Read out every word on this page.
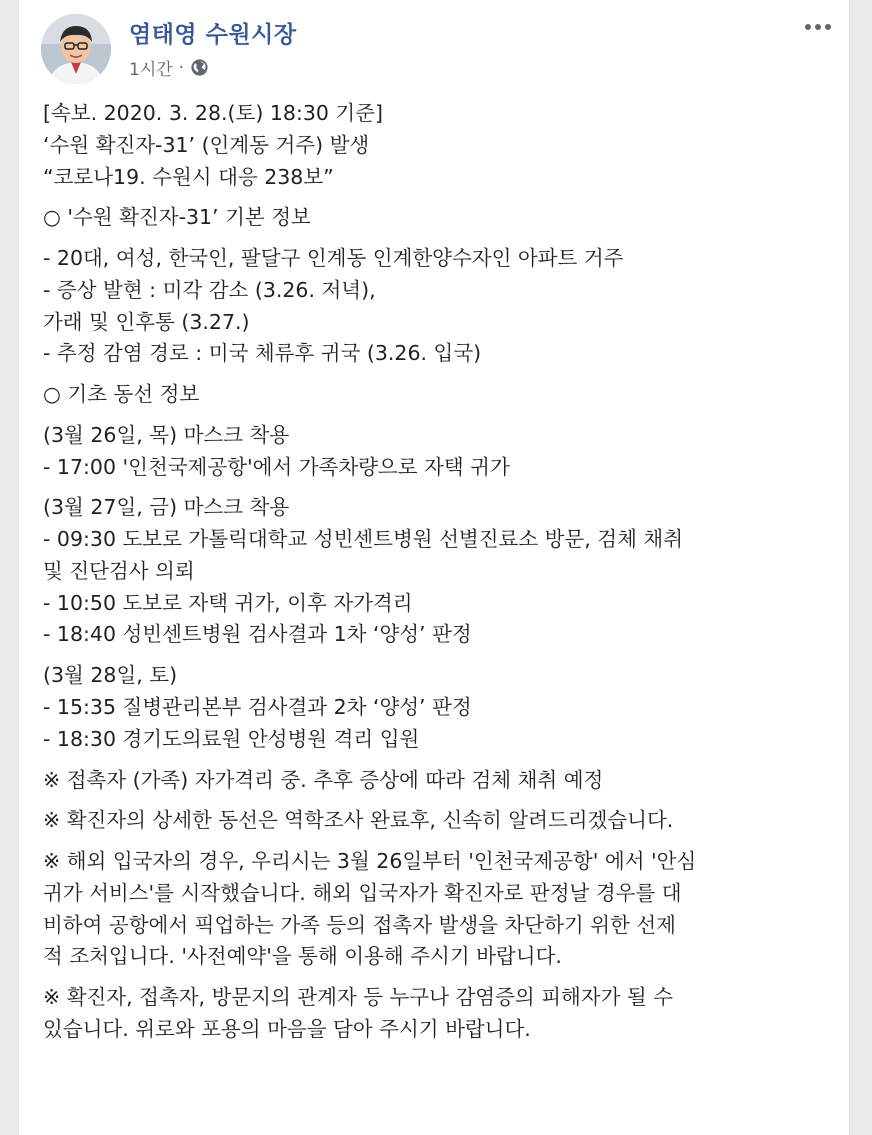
염태영 수원시장
1시간 ·
[속보. 2020. 3. 28.(토) 18:30 기준]
‘수원 확진자-31’ (인계동 거주) 발생
“코로나19. 수원시 대응 238보”
○ '수원 확진자-31’ 기본 정보
- 20대, 여성, 한국인, 팔달구 인계동 인계한양수자인 아파트 거주
- 증상 발현 : 미각 감소 (3.26. 저녁),
가래 및 인후통 (3.27.)
- 추정 감염 경로 : 미국 체류후 귀국 (3.26. 입국)
○ 기초 동선 정보
(3월 26일, 목) 마스크 착용
- 17:00 '인천국제공항'에서 가족차량으로 자택 귀가
(3월 27일, 금) 마스크 착용
- 09:30 도보로 가톨릭대학교 성빈센트병원 선별진료소 방문, 검체 채취
및 진단검사 의뢰
- 10:50 도보로 자택 귀가, 이후 자가격리
- 18:40 성빈센트병원 검사결과 1차 ‘양성’ 판정
(3월 28일, 토)
- 15:35 질병관리본부 검사결과 2차 ‘양성’ 판정
- 18:30 경기도의료원 안성병원 격리 입원
※ 접촉자 (가족) 자가격리 중. 추후 증상에 따라 검체 채취 예정
※ 확진자의 상세한 동선은 역학조사 완료후, 신속히 알려드리겠습니다.
※ 해외 입국자의 경우, 우리시는 3월 26일부터 '인천국제공항' 에서 '안심
귀가 서비스'를 시작했습니다. 해외 입국자가 확진자로 판정날 경우를 대
비하여 공항에서 픽업하는 가족 등의 접촉자 발생을 차단하기 위한 선제
적 조처입니다. '사전예약'을 통해 이용해 주시기 바랍니다.
※ 확진자, 접촉자, 방문지의 관계자 등 누구나 감염증의 피해자가 될 수
있습니다. 위로와 포용의 마음을 담아 주시기 바랍니다.
